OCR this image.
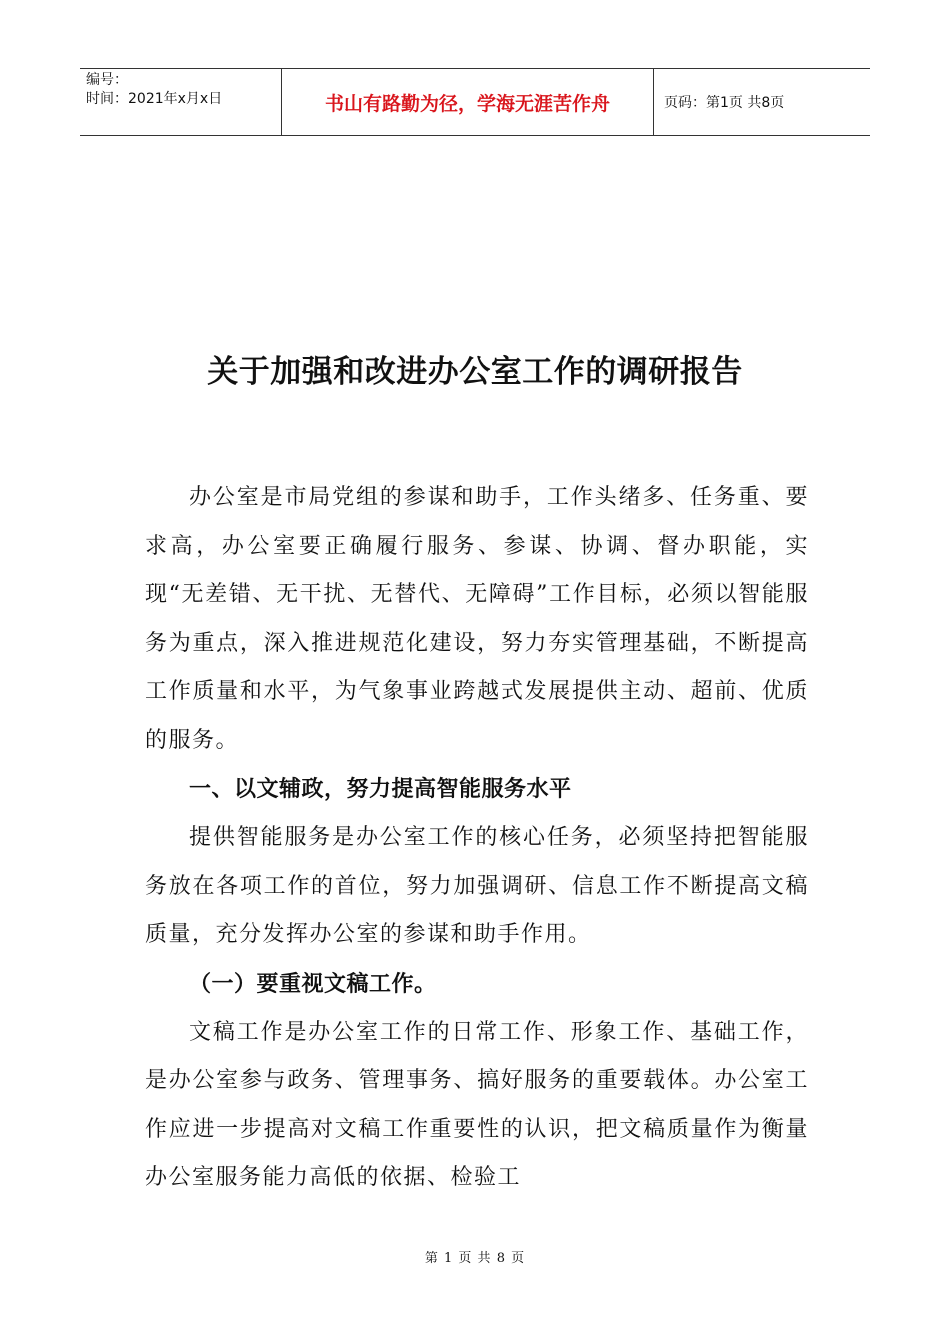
编号：
时间：2021年x月x日	书山有路勤为径，学海无涯苦作舟	页码：第1页 共8页
关于加强和改进办公室工作的调研报告

办公室是市局党组的参谋和助手，工作头绪多、任务重、要求高，办公室要正确履行服务、参谋、协调、督办职能，实现“无差错、无干扰、无替代、无障碍”工作目标，必须以智能服务为重点，深入推进规范化建设，努力夯实管理基础，不断提高工作质量和水平，为气象事业跨越式发展提供主动、超前、优质的服务。

一、以文辅政，努力提高智能服务水平

提供智能服务是办公室工作的核心任务，必须坚持把智能服务放在各项工作的首位，努力加强调研、信息工作不断提高文稿质量，充分发挥办公室的参谋和助手作用。

（一）要重视文稿工作。

文稿工作是办公室工作的日常工作、形象工作、基础工作，是办公室参与政务、管理事务、搞好服务的重要载体。办公室工作应进一步提高对文稿工作重要性的认识，把文稿质量作为衡量办公室服务能力高低的依据、检验工

第 1 页 共 8 页
